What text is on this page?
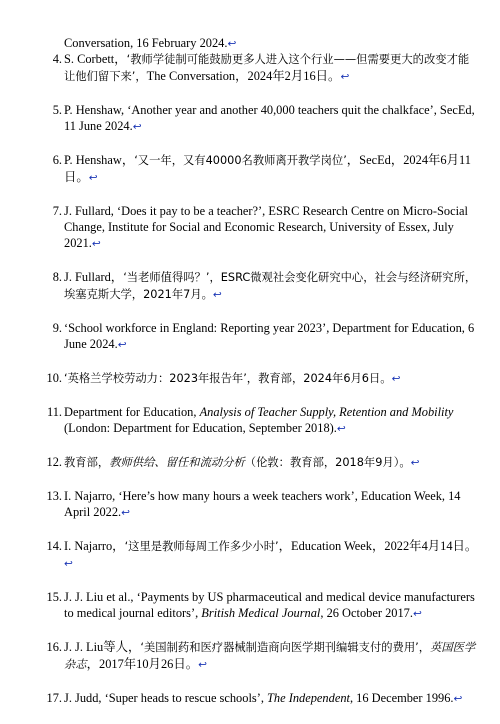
Conversation, 16 February 2024.↩

4. S. Corbett，‘教师学徒制可能鼓励更多人进入这个行业——但需要更大的改变才能让他们留下来’，The Conversation，2024年2月16日。↩
5. P. Henshaw, ‘Another year and another 40,000 teachers quit the chalkface’, SecEd, 11 June 2024.↩
6. P. Henshaw，‘又一年，又有40000名教师离开教学岗位’，SecEd，2024年6月11日。↩
7. J. Fullard, ‘Does it pay to be a teacher?’, ESRC Research Centre on Micro-Social Change, Institute for Social and Economic Research, University of Essex, July 2021.↩
8. J. Fullard，‘当老师值得吗？’，ESRC微观社会变化研究中心，社会与经济研究所，埃塞克斯大学，2021年7月。↩
9. ‘School workforce in England: Reporting year 2023’, Department for Education, 6 June 2024.↩
10. ‘英格兰学校劳动力：2023年报告年’，教育部，2024年6月6日。↩
11. Department for Education, Analysis of Teacher Supply, Retention and Mobility (London: Department for Education, September 2018).↩
12. 教育部，教师供给、留任和流动分析（伦敦：教育部，2018年9月）。↩
13. I. Najarro, ‘Here’s how many hours a week teachers work’, Education Week, 14 April 2022.↩
14. I. Najarro，‘这里是教师每周工作多少小时’，Education Week，2022年4月14日。↩
15. J. J. Liu et al., ‘Payments by US pharmaceutical and medical device manufacturers to medical journal editors’, British Medical Journal, 26 October 2017.↩
16. J. J. Liu等人，‘美国制药和医疗器械制造商向医学期刊编辑支付的费用’，英国医学杂志，2017年10月26日。↩
17. J. Judd, ‘Super heads to rescue schools’, The Independent, 16 December 1996.↩
